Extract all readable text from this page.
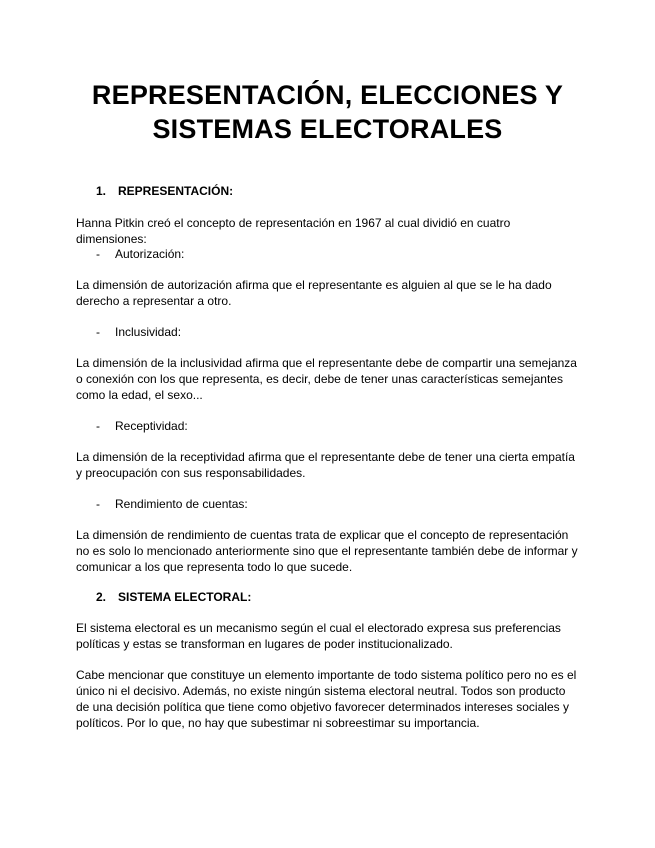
REPRESENTACIÓN, ELECCIONES Y
SISTEMAS ELECTORALES
1. REPRESENTACIÓN:

Hanna Pitkin creó el concepto de representación en 1967 al cual dividió en cuatro dimensiones:

- Autorización:

La dimensión de autorización afirma que el representante es alguien al que se le ha dado derecho a representar a otro.

- Inclusividad:

La dimensión de la inclusividad afirma que el representante debe de compartir una semejanza o conexión con los que representa, es decir, debe de tener unas características semejantes como la edad, el sexo...

- Receptividad:

La dimensión de la receptividad afirma que el representante debe de tener una cierta empatía y preocupación con sus responsabilidades.

- Rendimiento de cuentas:

La dimensión de rendimiento de cuentas trata de explicar que el concepto de representación no es solo lo mencionado anteriormente sino que el representante también debe de informar y comunicar a los que representa todo lo que sucede.

2. SISTEMA ELECTORAL:

El sistema electoral es un mecanismo según el cual el electorado expresa sus preferencias políticas y estas se transforman en lugares de poder institucionalizado.

Cabe mencionar que constituye un elemento importante de todo sistema político pero no es el único ni el decisivo. Además, no existe ningún sistema electoral neutral. Todos son producto de una decisión política que tiene como objetivo favorecer determinados intereses sociales y políticos. Por lo que, no hay que subestimar ni sobreestimar su importancia.
